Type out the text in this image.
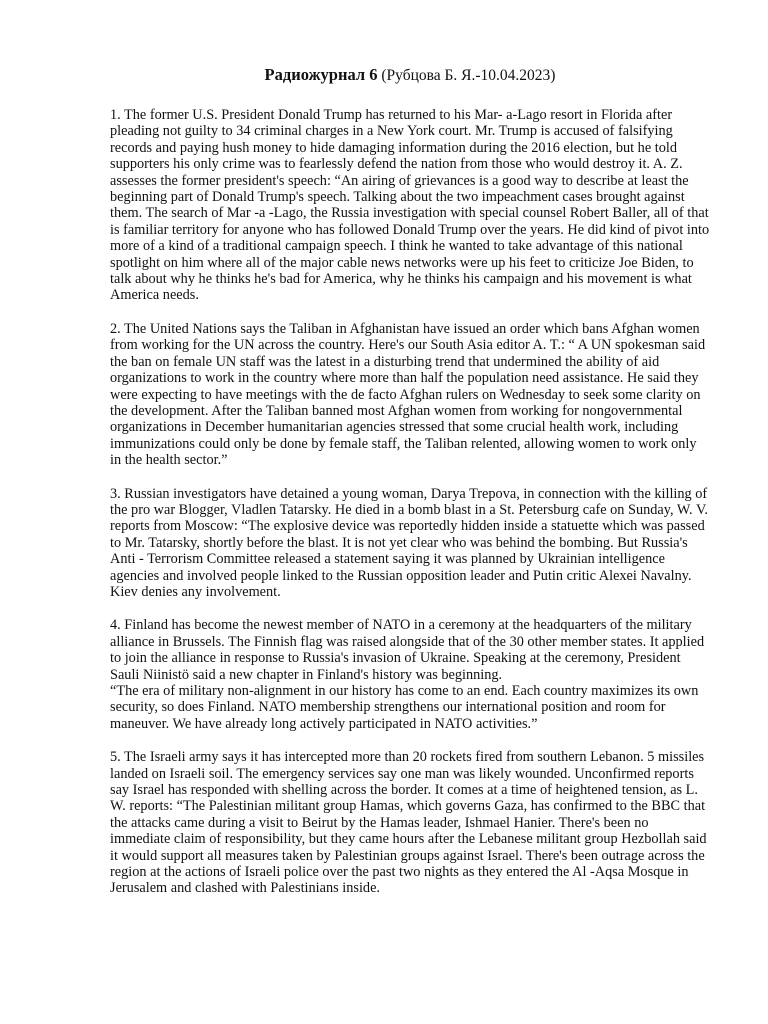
Радиожурнал 6 (Рубцова Б. Я.-10.04.2023)

1. The former U.S. President Donald Trump has returned to his Mar- a-Lago resort in Florida after pleading not guilty to 34 criminal charges in a New York court. Mr. Trump is accused of falsifying records and paying hush money to hide damaging information during the 2016 election, but he told supporters his only crime was to fearlessly defend the nation from those who would destroy it. A. Z. assesses the former president's speech: “An airing of grievances is a good way to describe at least the beginning part of Donald Trump's speech. Talking about the two impeachment cases brought against them. The search of Mar -a -Lago, the Russia investigation with special counsel Robert Baller, all of that is familiar territory for anyone who has followed Donald Trump over the years. He did kind of pivot into more of a kind of a traditional campaign speech. I think he wanted to take advantage of this national spotlight on him where all of the major cable news networks were up his feet to criticize Joe Biden, to talk about why he thinks he's bad for America, why he thinks his campaign and his movement is what America needs.

2. The United Nations says the Taliban in Afghanistan have issued an order which bans Afghan women from working for the UN across the country. Here's our South Asia editor A. T.: “ A UN spokesman said the ban on female UN staff was the latest in a disturbing trend that undermined the ability of aid organizations to work in the country where more than half the population need assistance. He said they were expecting to have meetings with the de facto Afghan rulers on Wednesday to seek some clarity on the development. After the Taliban banned most Afghan women from working for nongovernmental organizations in December humanitarian agencies stressed that some crucial health work, including immunizations could only be done by female staff, the Taliban relented, allowing women to work only in the health sector.”

3. Russian investigators have detained a young woman, Darya Trepova, in connection with the killing of the pro war Blogger, Vladlen Tatarsky. He died in a bomb blast in a St. Petersburg cafe on Sunday, W. V. reports from Moscow: “The explosive device was reportedly hidden inside a statuette which was passed to Mr. Tatarsky, shortly before the blast. It is not yet clear who was behind the bombing. But Russia's Anti - Terrorism Committee released a statement saying it was planned by Ukrainian intelligence agencies and involved people linked to the Russian opposition leader and Putin critic Alexei Navalny. Kiev denies any involvement.

4. Finland has become the newest member of NATO in a ceremony at the headquarters of the military alliance in Brussels. The Finnish flag was raised alongside that of the 30 other member states. It applied to join the alliance in response to Russia's invasion of Ukraine. Speaking at the ceremony, President Sauli Niinistö said a new chapter in Finland's history was beginning.

“The era of military non-alignment in our history has come to an end. Each country maximizes its own security, so does Finland. NATO membership strengthens our international position and room for maneuver. We have already long actively participated in NATO activities.”

5. The Israeli army says it has intercepted more than 20 rockets fired from southern Lebanon. 5 missiles landed on Israeli soil. The emergency services say one man was likely wounded. Unconfirmed reports say Israel has responded with shelling across the border. It comes at a time of heightened tension, as L. W. reports: “The Palestinian militant group Hamas, which governs Gaza, has confirmed to the BBC that the attacks came during a visit to Beirut by the Hamas leader, Ishmael Hanier. There's been no immediate claim of responsibility, but they came hours after the Lebanese militant group Hezbollah said it would support all measures taken by Palestinian groups against Israel. There's been outrage across the region at the actions of Israeli police over the past two nights as they entered the Al -Aqsa Mosque in Jerusalem and clashed with Palestinians inside.
